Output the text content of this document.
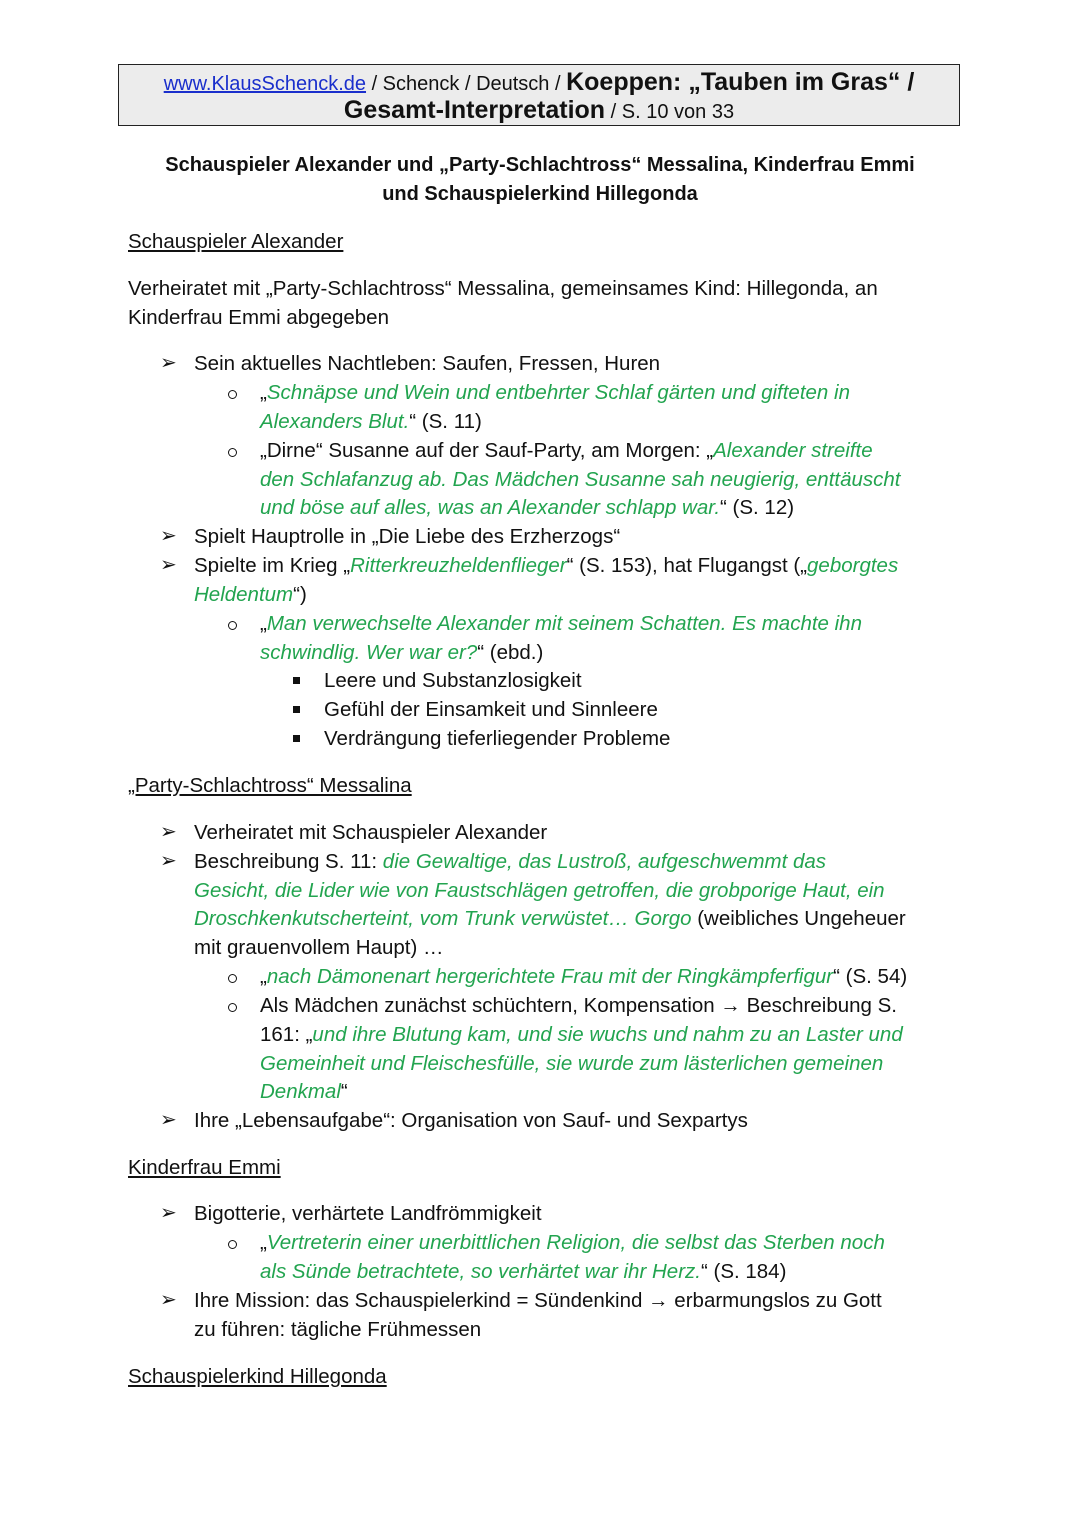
www.KlausSchenck.de / Schenck / Deutsch / Koeppen: „Tauben im Gras“ /
Gesamt-Interpretation / S. 10 von 33
Schauspieler Alexander und „Party-Schlachtross“ Messalina, Kinderfrau Emmi
und Schauspielerkind Hillegonda
Schauspieler Alexander
Verheiratet mit „Party-Schlachtross“ Messalina, gemeinsames Kind: Hillegonda, an
Kinderfrau Emmi abgegeben
➢ Sein aktuelles Nachtleben: Saufen, Fressen, Huren
„Schnäpse und Wein und entbehrter Schlaf gärten und gifteten in
Alexanders Blut.“ (S. 11)
„Dirne“ Susanne auf der Sauf-Party, am Morgen: „Alexander streifte
den Schlafanzug ab. Das Mädchen Susanne sah neugierig, enttäuscht
und böse auf alles, was an Alexander schlapp war.“ (S. 12)
➢ Spielt Hauptrolle in „Die Liebe des Erzherzogs“
➢ Spielte im Krieg „Ritterkreuzheldenflieger“ (S. 153), hat Flugangst („geborgtes
Heldentum“)
„Man verwechselte Alexander mit seinem Schatten. Es machte ihn
schwindlig. Wer war er?“ (ebd.)
Leere und Substanzlosigkeit
Gefühl der Einsamkeit und Sinnleere
Verdrängung tieferliegender Probleme
„Party-Schlachtross“ Messalina
➢ Verheiratet mit Schauspieler Alexander
➢ Beschreibung S. 11: die Gewaltige, das Lustroß, aufgeschwemmt das
Gesicht, die Lider wie von Faustschlägen getroffen, die grobporige Haut, ein
Droschkenkutscherteint, vom Trunk verwüstet… Gorgo (weibliches Ungeheuer
mit grauenvollem Haupt) …
„nach Dämonenart hergerichtete Frau mit der Ringkämpferfigur“ (S. 54)
Als Mädchen zunächst schüchtern, Kompensation → Beschreibung S.
161: „und ihre Blutung kam, und sie wuchs und nahm zu an Laster und
Gemeinheit und Fleischesfülle, sie wurde zum lästerlichen gemeinen
Denkmal“
➢ Ihre „Lebensaufgabe“: Organisation von Sauf- und Sexpartys
Kinderfrau Emmi
➢ Bigotterie, verhärtete Landfrömmigkeit
„Vertreterin einer unerbittlichen Religion, die selbst das Sterben noch
als Sünde betrachtete, so verhärtet war ihr Herz.“ (S. 184)
➢ Ihre Mission: das Schauspielerkind = Sündenkind → erbarmungslos zu Gott
zu führen: tägliche Frühmessen
Schauspielerkind Hillegonda
